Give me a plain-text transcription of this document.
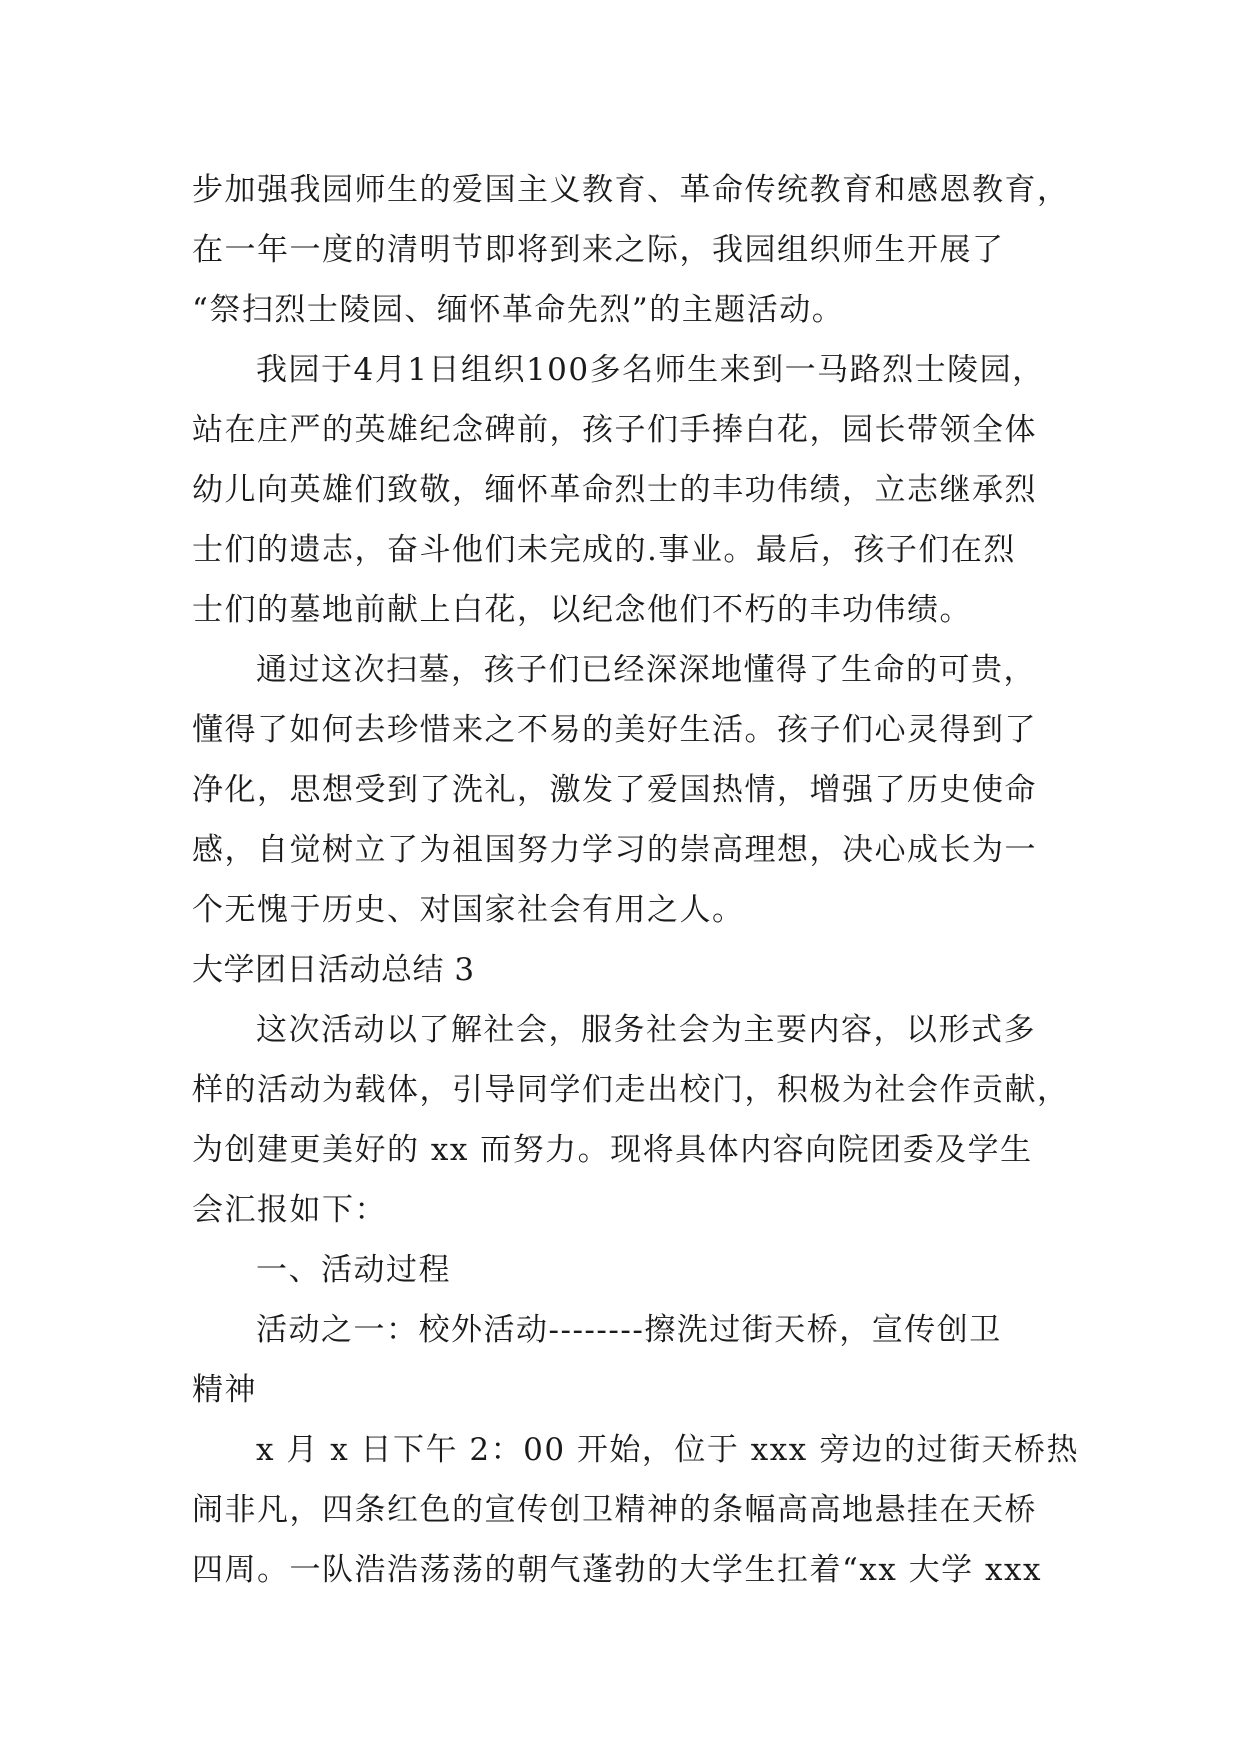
步加强我园师生的爱国主义教育、革命传统教育和感恩教育，
在一年一度的清明节即将到来之际，我园组织师生开展了
“祭扫烈士陵园、缅怀革命先烈”的主题活动。
我园于4月1日组织100多名师生来到一马路烈士陵园，
站在庄严的英雄纪念碑前，孩子们手捧白花，园长带领全体
幼儿向英雄们致敬，缅怀革命烈士的丰功伟绩，立志继承烈
士们的遗志，奋斗他们未完成的.事业。最后，孩子们在烈
士们的墓地前献上白花，以纪念他们不朽的丰功伟绩。
通过这次扫墓，孩子们已经深深地懂得了生命的可贵，
懂得了如何去珍惜来之不易的美好生活。孩子们心灵得到了
净化，思想受到了洗礼，激发了爱国热情，增强了历史使命
感，自觉树立了为祖国努力学习的崇高理想，决心成长为一
个无愧于历史、对国家社会有用之人。
大学团日活动总结 3
这次活动以了解社会，服务社会为主要内容，以形式多
样的活动为载体，引导同学们走出校门，积极为社会作贡献，
为创建更美好的 xx 而努力。现将具体内容向院团委及学生
会汇报如下：
一、活动过程
活动之一：校外活动--------擦洗过街天桥，宣传创卫
精神
x 月 x 日下午 2：00 开始，位于 xxx 旁边的过街天桥热
闹非凡，四条红色的宣传创卫精神的条幅高高地悬挂在天桥
四周。一队浩浩荡荡的朝气蓬勃的大学生扛着“xx 大学 xxx
